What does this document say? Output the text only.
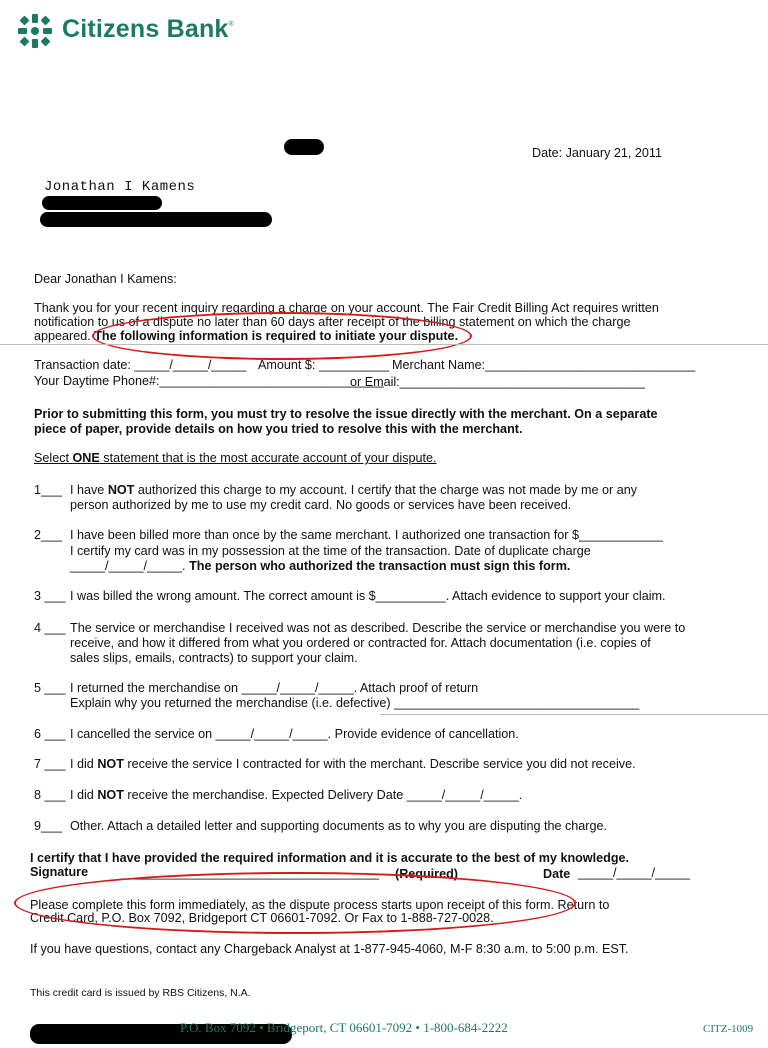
Citizens Bank®
Date: January 21, 2011
Jonathan I Kamens
Dear Jonathan I Kamens:
Thank you for your recent inquiry regarding a charge on your account. The Fair Credit Billing Act requires written
notification to us of a dispute no later than 60 days after receipt of the billing statement on which the charge
appeared. The following information is required to initiate your dispute.
Transaction date: _____/_____/_____ Amount $: __________ Merchant Name:______________________________
Your Daytime Phone#:________________________________
or Email:___________________________________
Prior to submitting this form, you must try to resolve the issue directly with the merchant. On a separate
piece of paper, provide details on how you tried to resolve this with the merchant.
Select ONE statement that is the most accurate account of your dispute.
1___ I have NOT authorized this charge to my account. I certify that the charge was not made by me or any
person authorized by me to use my credit card. No goods or services have been received.
2___ I have been billed more than once by the same merchant. I authorized one transaction for $____________
I certify my card was in my possession at the time of the transaction. Date of duplicate charge
_____/_____/_____. The person who authorized the transaction must sign this form.
3 ___ I was billed the wrong amount. The correct amount is $__________. Attach evidence to support your claim.
4 ___ The service or merchandise I received was not as described. Describe the service or merchandise you were to
receive, and how it differed from what you ordered or contracted for. Attach documentation (i.e. copies of
sales slips, emails, contracts) to support your claim.
5 ___ I returned the merchandise on _____/_____/_____. Attach proof of return
Explain why you returned the merchandise (i.e. defective) ___________________________________
6 ___ I cancelled the service on _____/_____/_____. Provide evidence of cancellation.
7 ___ I did NOT receive the service I contracted for with the merchant. Describe service you did not receive.
8 ___ I did NOT receive the merchandise. Expected Delivery Date _____/_____/_____.
9___ Other. Attach a detailed letter and supporting documents as to why you are disputing the charge.
I certify that I have provided the required information and it is accurate to the best of my knowledge.
Signature	_____________________________________ (Required)	Date _____/_____/_____
Please complete this form immediately, as the dispute process starts upon receipt of this form. Return to
Credit Card, P.O. Box 7092, Bridgeport CT 06601-7092. Or Fax to 1-888-727-0028.
If you have questions, contact any Chargeback Analyst at 1-877-945-4060, M-F 8:30 a.m. to 5:00 p.m. EST.
This credit card is issued by RBS Citizens, N.A.
P.O. Box 7092 • Bridgeport, CT 06601-7092 • 1-800-684-2222	CITZ-1009
